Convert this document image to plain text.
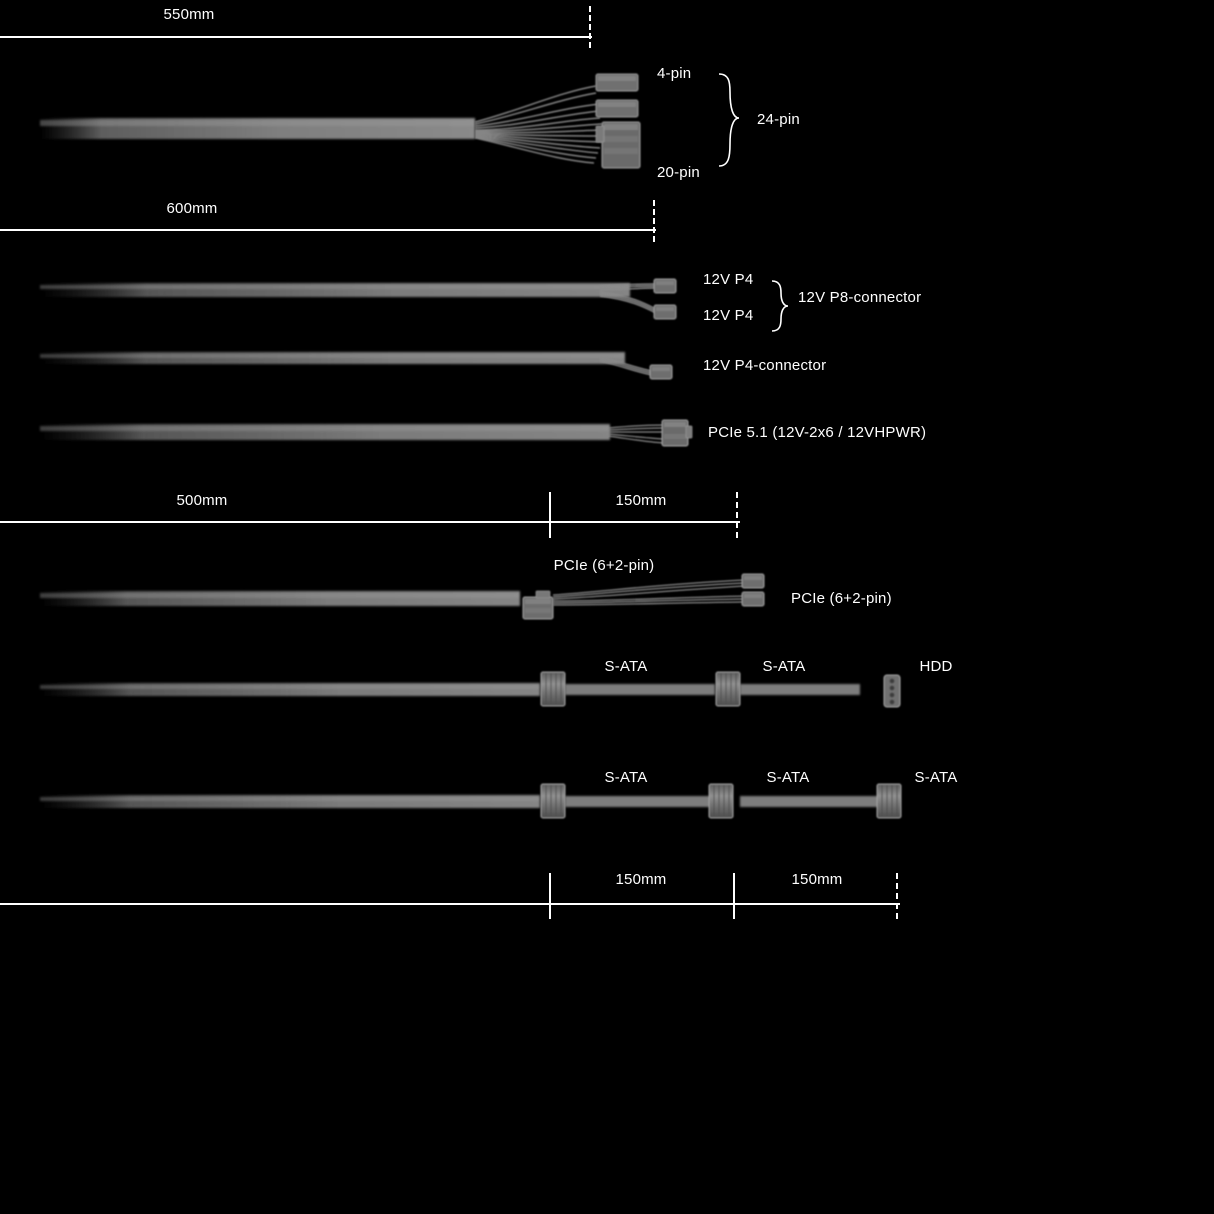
550mm
600mm
500mm	150mm
150mm	150mm
4-pin
20-pin
24-pin
12V P4
12V P4
12V P8-connector
12V P4-connector
PCIe 5.1 (12V-2x6 / 12VHPWR)
PCIe (6+2-pin)
PCIe (6+2-pin)
S-ATA	S-ATA	HDD
S-ATA	S-ATA	S-ATA
